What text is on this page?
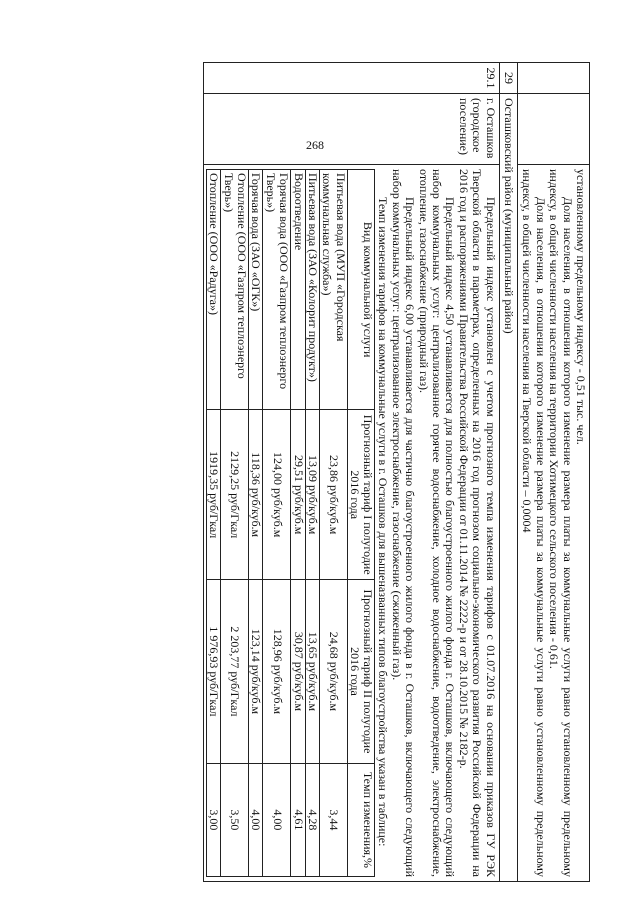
268

установленному предельному индексу - 0,51 тыс. чел.

Доля населения, в отношении которого изменение размера платы за коммунальные услуги равно установленному предельному индексу, в общей численности населения на территории Хотимецкого сельского поселения - 0,61.

Доля населения, в отношении которого изменение размера платы за коммунальные услуги равно установленному предельному индексу, в общей численности населения на Тверской области – 0,0004

29	Осташковский район (муниципальный район)
29.1	г. Осташков (городское поселение)	

Предельный индекс установлен с учетом прогнозного темпа изменения тарифов с 01.07.2016 на основании приказов ГУ РЭК Тверской области в параметрах, определенных на 2016 год прогнозом социально-экономического развития Российской Федерации на 2016 год и распоряжениями Правительства Российской Федерации от 01.11.2014 № 2222-р и от 28.10.2015 № 2182-р.

Предельный индекс 4,50 устанавливается для полностью благоустроенного жилого фонда г. Осташков, включающего следующий набор коммунальных услуг: централизованное горячее водоснабжение, холодное водоснабжение, водоотведение, электроснабжение, отопление, газоснабжение (природный газ).

Предельный индекс 6,00 устанавливается для частично благоустроенного жилого фонда в г. Осташков, включающего следующий набор коммунальных услуг: централизованное электроснабжение, газоснабжение (сжиженный газ).

Темп изменения тарифов на коммунальные услуги в г. Осташков для вышеназванных типов благоустройства указан в таблице:

Вид коммунальной услуги	Прогнозный тариф I полугодие 2016 года	Прогнозный тариф II полугодие 2016 года	Темп изменения,%
Питьевая вода (МУП «Городская коммунальная служба»)	23,86 руб/куб.м	24,68 руб/куб.м	3,44
Питьевая вода (ЗАО «Колорит продукт»)	13,09 руб/куб.м	13,65 руб/куб.м	4,28
Водоотведение	29,51 руб/куб.м	30,87 руб/куб.м	4,61
Горячая вода (ООО «Газпром теплоэнерго Тверь»)	124,00 руб/куб.м	128,96 руб/куб.м	4,00
Горячая вода (ЗАО «ОГК»)	118,36 руб/куб.м	123,14 руб/куб.м	4,00
Отопление (ООО «Газпром теплоэнерго Тверь»)	2129,25 руб/Гкал	2 203,77 руб/Гкал	3,50
Отопление (ООО «Радуга»)	1919,35 руб/Гкал	1 976,93 руб/Гкал	3,00
